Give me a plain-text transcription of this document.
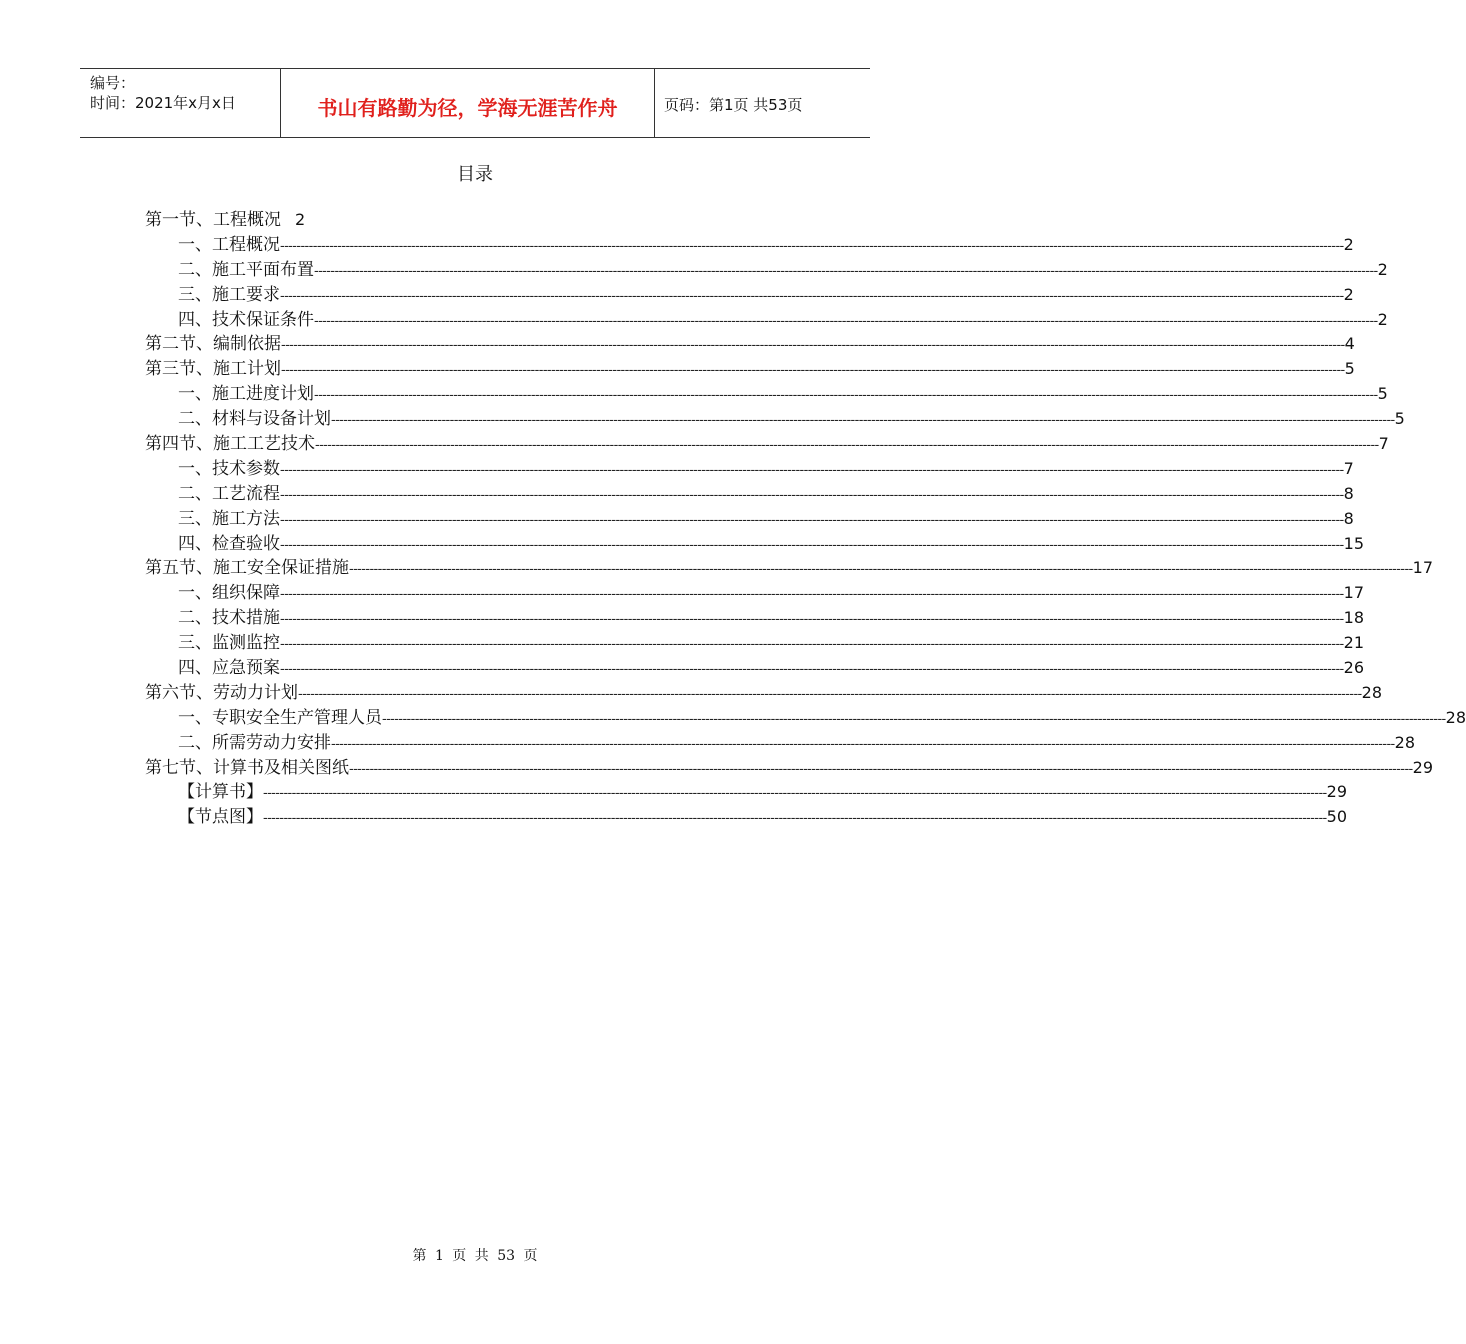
编号：
时间：2021年x月x日	书山有路勤为径，学海无涯苦作舟	页码：第1页 共53页
目录
第一节、工程概况 2
一、工程概况 -------------------------------------------------------------------------------------------------------------------------------------------------------------------------------------------------------------------------------------------------------------------- 2
二、施工平面布置 -------------------------------------------------------------------------------------------------------------------------------------------------------------------------------------------------------------------------------------------------------------------- 2
三、施工要求 -------------------------------------------------------------------------------------------------------------------------------------------------------------------------------------------------------------------------------------------------------------------- 2
四、技术保证条件 -------------------------------------------------------------------------------------------------------------------------------------------------------------------------------------------------------------------------------------------------------------------- 2
第二节、编制依据 -------------------------------------------------------------------------------------------------------------------------------------------------------------------------------------------------------------------------------------------------------------------- 4
第三节、施工计划 -------------------------------------------------------------------------------------------------------------------------------------------------------------------------------------------------------------------------------------------------------------------- 5
一、施工进度计划 -------------------------------------------------------------------------------------------------------------------------------------------------------------------------------------------------------------------------------------------------------------------- 5
二、材料与设备计划 -------------------------------------------------------------------------------------------------------------------------------------------------------------------------------------------------------------------------------------------------------------------- 5
第四节、施工工艺技术 -------------------------------------------------------------------------------------------------------------------------------------------------------------------------------------------------------------------------------------------------------------------- 7
一、技术参数 -------------------------------------------------------------------------------------------------------------------------------------------------------------------------------------------------------------------------------------------------------------------- 7
二、工艺流程 -------------------------------------------------------------------------------------------------------------------------------------------------------------------------------------------------------------------------------------------------------------------- 8
三、施工方法 -------------------------------------------------------------------------------------------------------------------------------------------------------------------------------------------------------------------------------------------------------------------- 8
四、检查验收 -------------------------------------------------------------------------------------------------------------------------------------------------------------------------------------------------------------------------------------------------------------------- 15
第五节、施工安全保证措施 -------------------------------------------------------------------------------------------------------------------------------------------------------------------------------------------------------------------------------------------------------------------- 17
一、组织保障 -------------------------------------------------------------------------------------------------------------------------------------------------------------------------------------------------------------------------------------------------------------------- 17
二、技术措施 -------------------------------------------------------------------------------------------------------------------------------------------------------------------------------------------------------------------------------------------------------------------- 18
三、监测监控 -------------------------------------------------------------------------------------------------------------------------------------------------------------------------------------------------------------------------------------------------------------------- 21
四、应急预案 -------------------------------------------------------------------------------------------------------------------------------------------------------------------------------------------------------------------------------------------------------------------- 26
第六节、劳动力计划 -------------------------------------------------------------------------------------------------------------------------------------------------------------------------------------------------------------------------------------------------------------------- 28
一、专职安全生产管理人员 -------------------------------------------------------------------------------------------------------------------------------------------------------------------------------------------------------------------------------------------------------------------- 28
二、所需劳动力安排 -------------------------------------------------------------------------------------------------------------------------------------------------------------------------------------------------------------------------------------------------------------------- 28
第七节、计算书及相关图纸 -------------------------------------------------------------------------------------------------------------------------------------------------------------------------------------------------------------------------------------------------------------------- 29
【计算书】 -------------------------------------------------------------------------------------------------------------------------------------------------------------------------------------------------------------------------------------------------------------------- 29
【节点图】 -------------------------------------------------------------------------------------------------------------------------------------------------------------------------------------------------------------------------------------------------------------------- 50
第 1 页 共 53 页
